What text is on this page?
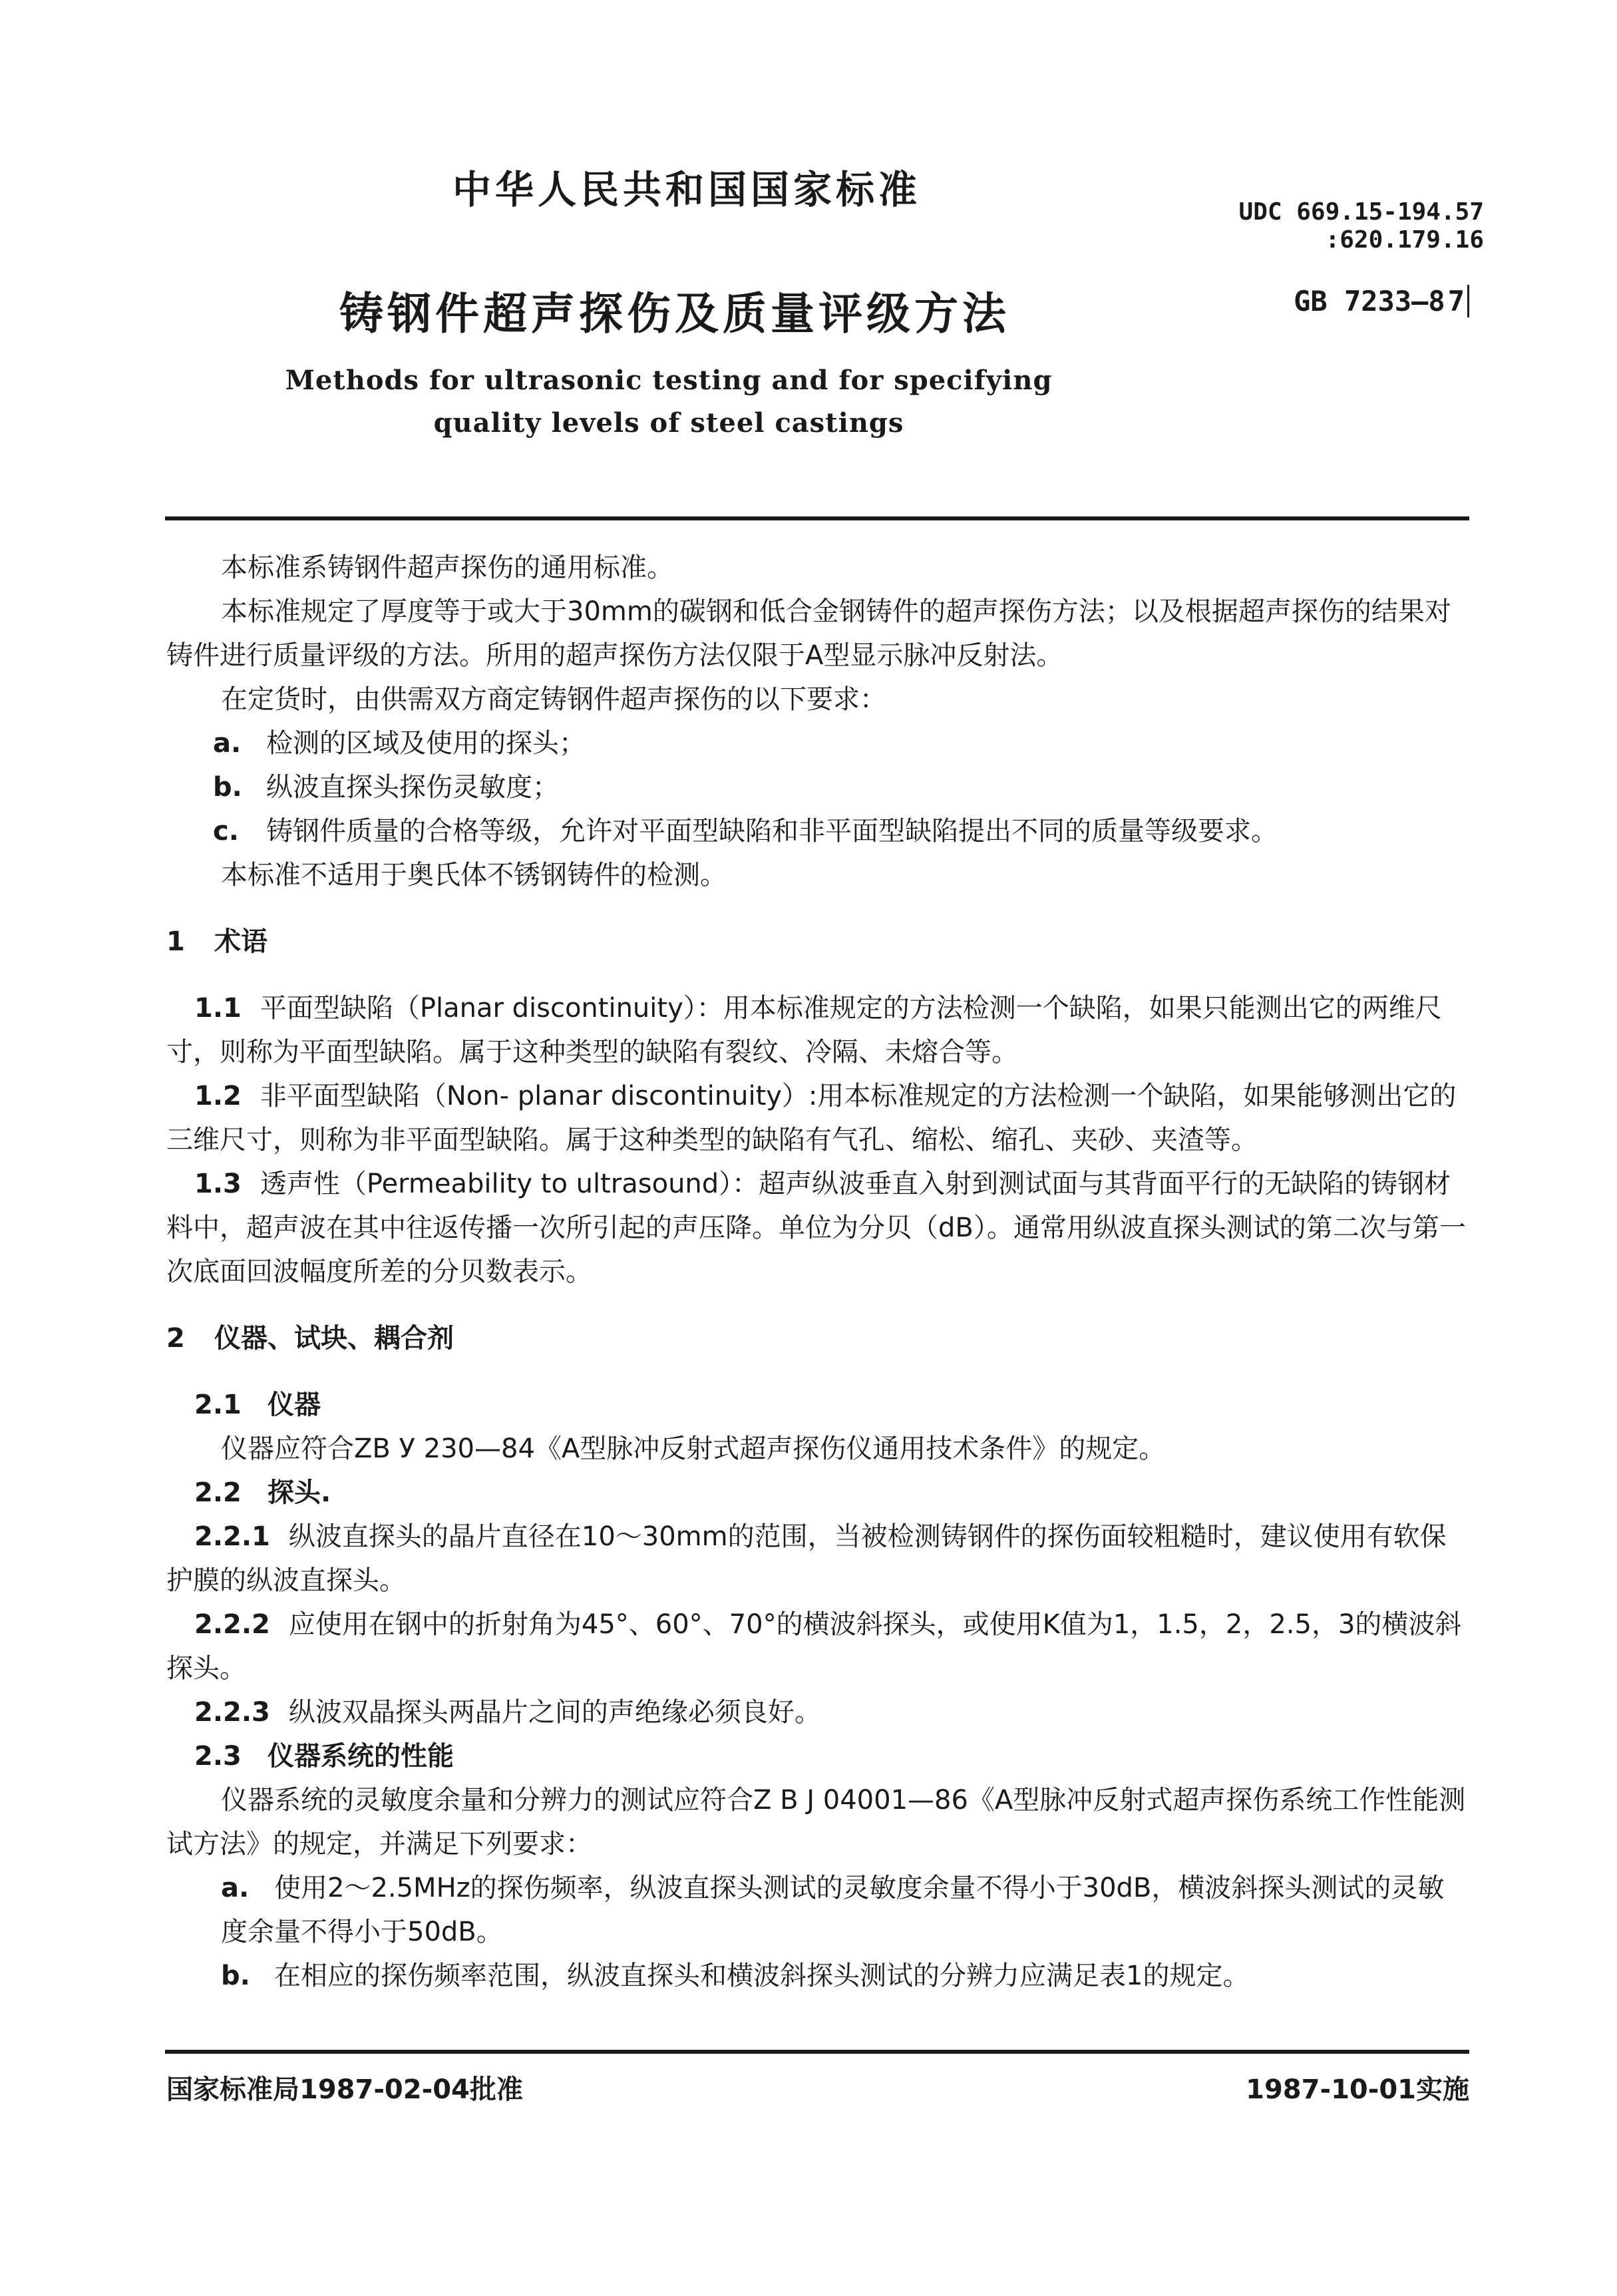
中华人民共和国国家标准	UDC 669.15-194.57
:620.179.16
铸钢件超声探伤及质量评级方法	GB 7233—87
Methods for ultrasonic testing and for specifying
quality levels of steel castings

本标准系铸钢件超声探伤的通用标准。

本标准规定了厚度等于或大于30mm的碳钢和低合金钢铸件的超声探伤方法；以及根据超声探伤的结果对铸件进行质量评级的方法。所用的超声探伤方法仅限于A型显示脉冲反射法。

在定货时，由供需双方商定铸钢件超声探伤的以下要求：

a. 检测的区域及使用的探头；

b. 纵波直探头探伤灵敏度；

c. 铸钢件质量的合格等级，允许对平面型缺陷和非平面型缺陷提出不同的质量等级要求。

本标准不适用于奥氏体不锈钢铸件的检测。

1 术语

1.1 平面型缺陷（Planar discontinuity）：用本标准规定的方法检测一个缺陷，如果只能测出它的两维尺寸，则称为平面型缺陷。属于这种类型的缺陷有裂纹、冷隔、未熔合等。

1.2 非平面型缺陷（Non- planar discontinuity）:用本标准规定的方法检测一个缺陷，如果能够测出它的三维尺寸，则称为非平面型缺陷。属于这种类型的缺陷有气孔、缩松、缩孔、夹砂、夹渣等。

1.3 透声性（Permeability to ultrasound）：超声纵波垂直入射到测试面与其背面平行的无缺陷的铸钢材料中，超声波在其中往返传播一次所引起的声压降。单位为分贝（dB）。通常用纵波直探头测试的第二次与第一次底面回波幅度所差的分贝数表示。

2 仪器、试块、耦合剂

2.1 仪器

仪器应符合ZB У 230—84《A型脉冲反射式超声探伤仪通用技术条件》的规定。

2.2 探头.

2.2.1 纵波直探头的晶片直径在10～30mm的范围，当被检测铸钢件的探伤面较粗糙时，建议使用有软保护膜的纵波直探头。

2.2.2 应使用在钢中的折射角为45°、60°、70°的横波斜探头，或使用K值为1，1.5，2，2.5，3的横波斜探头。

2.2.3 纵波双晶探头两晶片之间的声绝缘必须良好。

2.3 仪器系统的性能

仪器系统的灵敏度余量和分辨力的测试应符合Z B J 04001—86《A型脉冲反射式超声探伤系统工作性能测试方法》的规定，并满足下列要求：

a. 使用2～2.5MHz的探伤频率，纵波直探头测试的灵敏度余量不得小于30dB，横波斜探头测试的灵敏度余量不得小于50dB。

b. 在相应的探伤频率范围，纵波直探头和横波斜探头测试的分辨力应满足表1的规定。

国家标准局1987-02-04批准	1987-10-01实施
